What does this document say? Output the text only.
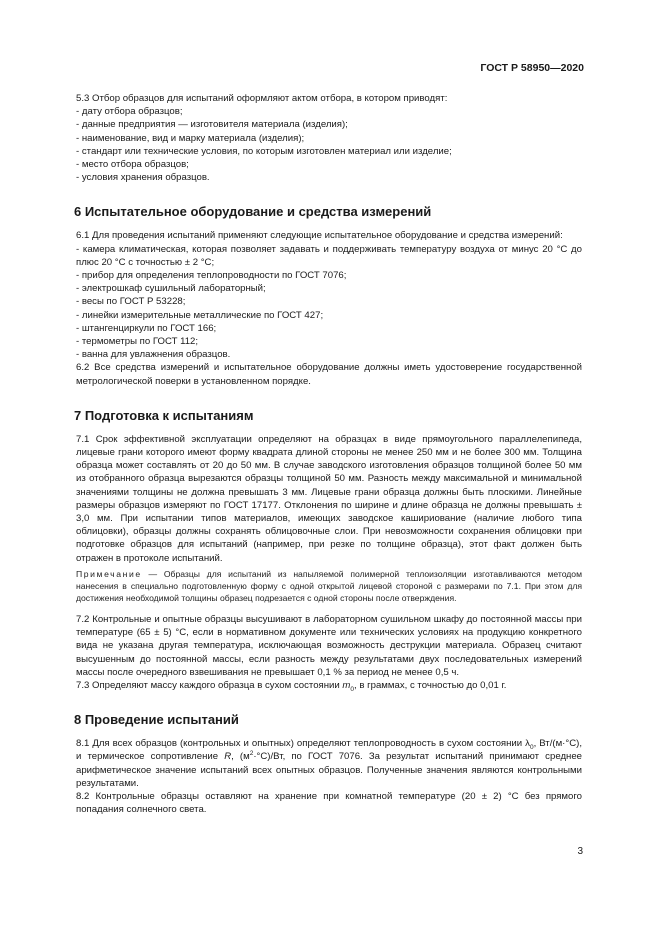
ГОСТ Р 58950—2020

5.3 Отбор образцов для испытаний оформляют актом отбора, в котором приводят:

- дату отбора образцов;

- данные предприятия — изготовителя материала (изделия);

- наименование, вид и марку материала (изделия);

- стандарт или технические условия, по которым изготовлен материал или изделие;

- место отбора образцов;

- условия хранения образцов.

6 Испытательное оборудование и средства измерений

6.1 Для проведения испытаний применяют следующие испытательное оборудование и средства измерений:

- камера климатическая, которая позволяет задавать и поддерживать температуру воздуха от минус 20 °С до плюс 20 °С с точностью ± 2 °С;

- прибор для определения теплопроводности по ГОСТ 7076;

- электрошкаф сушильный лабораторный;

- весы по ГОСТ Р 53228;

- линейки измерительные металлические по ГОСТ 427;

- штангенциркули по ГОСТ 166;

- термометры по ГОСТ 112;

- ванна для увлажнения образцов.

6.2 Все средства измерений и испытательное оборудование должны иметь удостоверение государственной метрологической поверки в установленном порядке.

7 Подготовка к испытаниям

7.1 Срок эффективной эксплуатации определяют на образцах в виде прямоугольного параллелепипеда, лицевые грани которого имеют форму квадрата длиной стороны не менее 250 мм и не более 300 мм. Толщина образца может составлять от 20 до 50 мм. В случае заводского изготовления образцов толщиной более 50 мм из отобранного образца вырезаются образцы толщиной 50 мм. Разность между максимальной и минимальной значениями толщины не должна превышать 3 мм. Лицевые грани образца должны быть плоскими. Линейные размеры образцов измеряют по ГОСТ 17177. Отклонения по ширине и длине образца не должны превышать ± 3,0 мм. При испытании типов материалов, имеющих заводское кашириование (наличие любого типа облицовки), образцы должны сохранять облицовочные слои. При невозможности сохранения облицовки при подготовке образцов для испытаний (например, при резке по толщине образца), этот факт должен быть отражен в протоколе испытаний.

Примечание — Образцы для испытаний из напыляемой полимерной теплоизоляции изготавливаются методом нанесения в специально подготовленную форму с одной открытой лицевой стороной с размерами по 7.1. При этом для достижения необходимой толщины образец подрезается с одной стороны после отверждения.

7.2 Контрольные и опытные образцы высушивают в лабораторном сушильном шкафу до постоянной массы при температуре (65 ± 5) °С, если в нормативном документе или технических условиях на продукцию конкретного вида не указана другая температура, исключающая возможность деструкции материала. Образец считают высушенным до постоянной массы, если разность между результатами двух последовательных измерений массы после очередного взвешивания не превышает 0,1 % за период не менее 0,5 ч.

7.3 Определяют массу каждого образца в сухом состоянии $m_0$, в граммах, с точностью до 0,01 г.

8 Проведение испытаний

8.1 Для всех образцов (контрольных и опытных) определяют теплопроводность в сухом состоянии $\lambda_0$, Вт/(м·°С), и термическое сопротивление R, $(м^2\cdot^\circ С)/Вт$, по ГОСТ 7076. За результат испытаний принимают среднее арифметическое значение испытаний всех опытных образцов. Полученные значения являются контрольными результатами.

8.2 Контрольные образцы оставляют на хранение при комнатной температуре (20 ± 2) °С без прямого попадания солнечного света.

3
